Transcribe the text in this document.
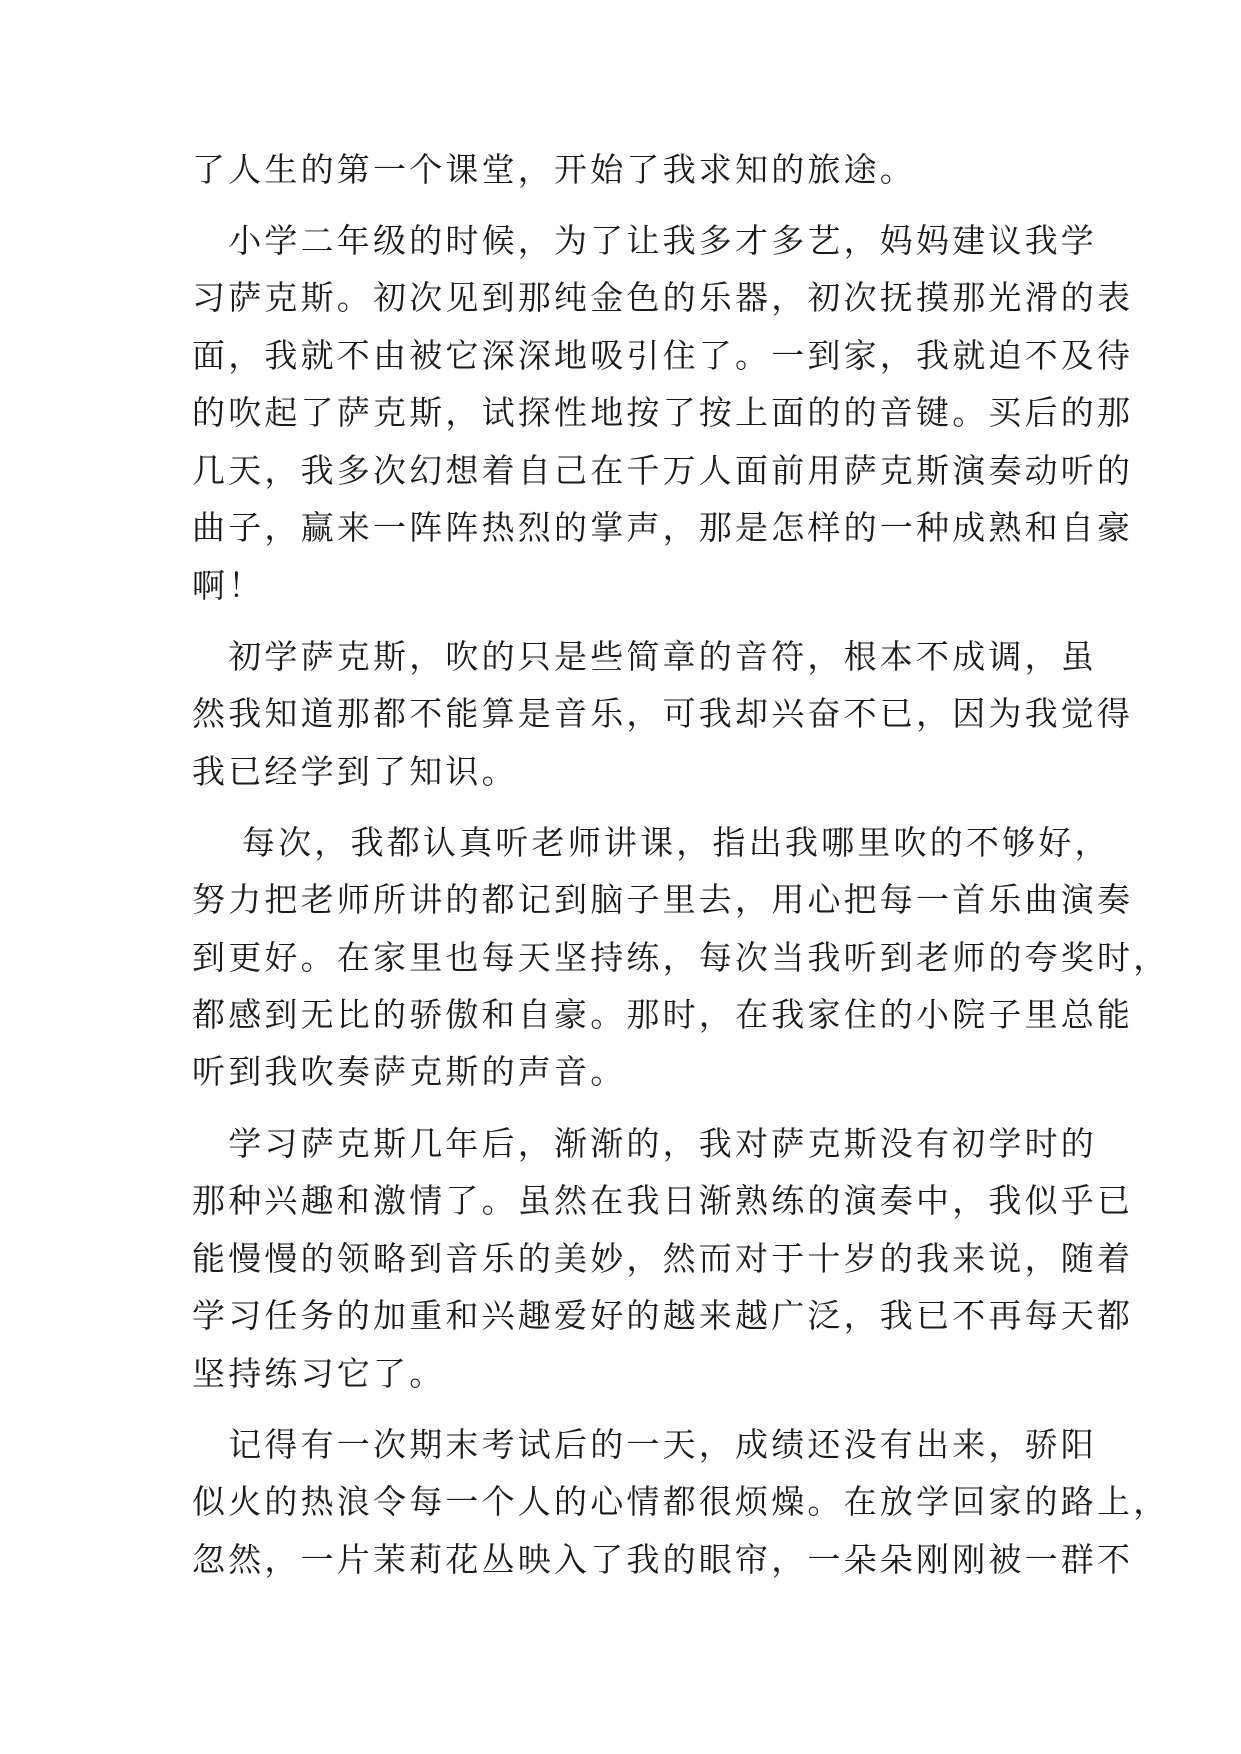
了人生的第一个课堂，开始了我求知的旅途。
　小学二年级的时候，为了让我多才多艺，妈妈建议我学
习萨克斯。初次见到那纯金色的乐器，初次抚摸那光滑的表
面，我就不由被它深深地吸引住了。一到家，我就迫不及待
的吹起了萨克斯，试探性地按了按上面的的音键。买后的那
几天，我多次幻想着自己在千万人面前用萨克斯演奏动听的
曲子，赢来一阵阵热烈的掌声，那是怎样的一种成熟和自豪
啊！
　初学萨克斯，吹的只是些简章的音符，根本不成调，虽
然我知道那都不能算是音乐，可我却兴奋不已，因为我觉得
我已经学到了知识。
　 每次，我都认真听老师讲课，指出我哪里吹的不够好，
努力把老师所讲的都记到脑子里去，用心把每一首乐曲演奏
到更好。在家里也每天坚持练，每次当我听到老师的夸奖时，
都感到无比的骄傲和自豪。那时，在我家住的小院子里总能
听到我吹奏萨克斯的声音。
　学习萨克斯几年后，渐渐的，我对萨克斯没有初学时的
那种兴趣和激情了。虽然在我日渐熟练的演奏中，我似乎已
能慢慢的领略到音乐的美妙，然而对于十岁的我来说，随着
学习任务的加重和兴趣爱好的越来越广泛，我已不再每天都
坚持练习它了。
　记得有一次期末考试后的一天，成绩还没有出来，骄阳
似火的热浪令每一个人的心情都很烦燥。在放学回家的路上，
忽然，一片茉莉花丛映入了我的眼帘，一朵朵刚刚被一群不
